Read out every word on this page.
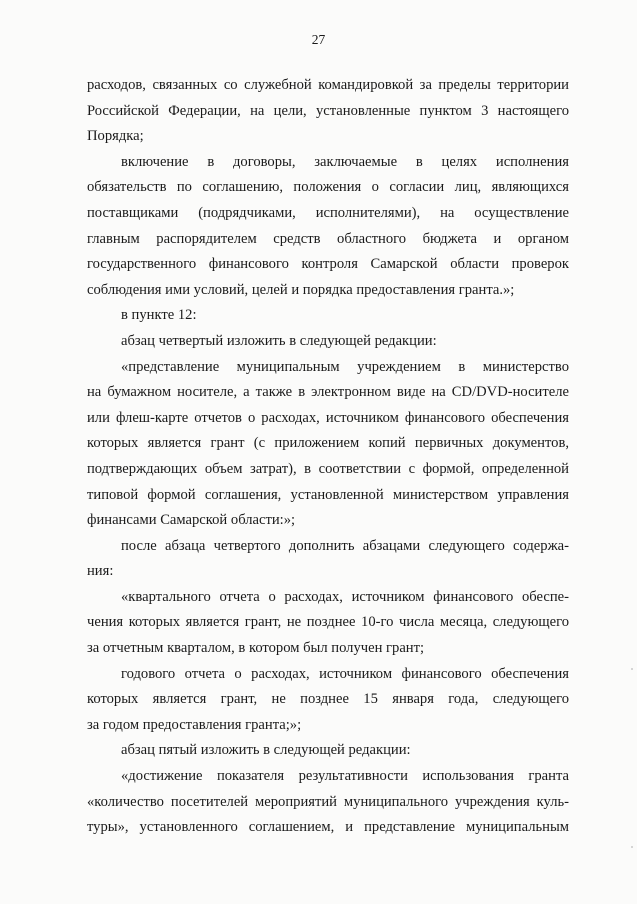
27
расходов, связанных со служебной командировкой за пределы территории
Российской Федерации, на цели, установленные пунктом 3 настоящего
Порядка;
включение в договоры, заключаемые в целях исполнения
обязательств по соглашению, положения о согласии лиц, являющихся
поставщиками (подрядчиками, исполнителями), на осуществление
главным распорядителем средств областного бюджета и органом
государственного финансового контроля Самарской области проверок
соблюдения ими условий, целей и порядка предоставления гранта.»;
в пункте 12:
абзац четвертый изложить в следующей редакции:
«представление муниципальным учреждением в министерство
на бумажном носителе, а также в электронном виде на CD/DVD-носителе
или флеш-карте отчетов о расходах, источником финансового обеспечения
которых является грант (с приложением копий первичных документов,
подтверждающих объем затрат), в соответствии с формой, определенной
типовой формой соглашения, установленной министерством управления
финансами Самарской области:»;
после абзаца четвертого дополнить абзацами следующего содержа-
ния:
«квартального отчета о расходах, источником финансового обеспе-
чения которых является грант, не позднее 10-го числа месяца, следующего
за отчетным кварталом, в котором был получен грант;
годового отчета о расходах, источником финансового обеспечения
которых является грант, не позднее 15 января года, следующего
за годом предоставления гранта;»;
абзац пятый изложить в следующей редакции:
«достижение показателя результативности использования гранта
«количество посетителей мероприятий муниципального учреждения куль-
туры», установленного соглашением, и представление муниципальным
